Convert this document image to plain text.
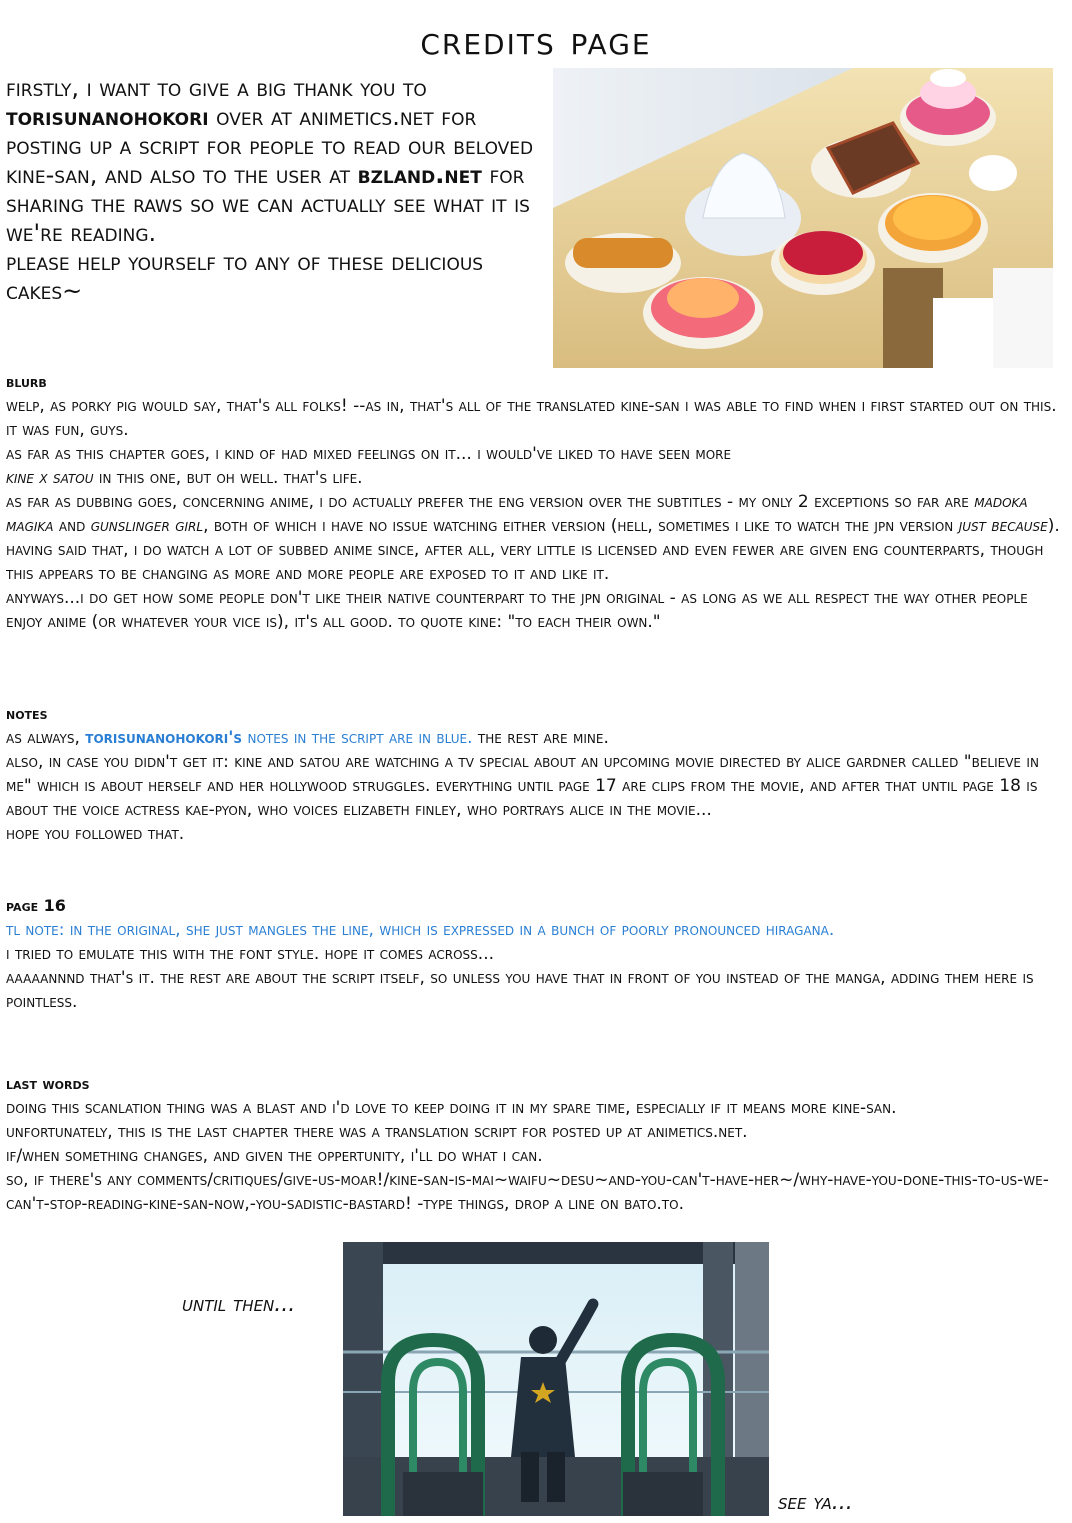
credits page
firstly, i want to give a big thank you to
torisunanohokori over at animetics.net for posting up a script for people to read our beloved kine-san, and also to the user at bzland.net for sharing the raws so we can actually see what it is we're reading.
please help yourself to any of these delicious cakes~

blurb

welp, as porky pig would say, that's all folks! --as in, that's all of the translated kine-san i was able to find when i first started out on this. it was fun, guys.

as far as this chapter goes, i kind of had mixed feelings on it... i would've liked to have seen more

kine x satou in this one, but oh well. that's life.

as far as dubbing goes, concerning anime, i do actually prefer the eng version over the subtitles - my only 2 exceptions so far are madoka magika and gunslinger girl, both of which i have no issue watching either version (hell, sometimes i like to watch the jpn version just because). having said that, i do watch a lot of subbed anime since, after all, very little is licensed and even fewer are given eng counterparts, though this appears to be changing as more and more people are exposed to it and like it.

anyways...i do get how some people don't like their native counterpart to the jpn original - as long as we all respect the way other people enjoy anime (or whatever your vice is), it's all good. to quote kine: "to each their own."

notes

as always, torisunanohokori's notes in the script are in blue. the rest are mine.

also, in case you didn't get it: kine and satou are watching a tv special about an upcoming movie directed by alice gardner called "believe in me" which is about herself and her hollywood struggles. everything until page 17 are clips from the movie, and after that until page 18 is about the voice actress kae-pyon, who voices elizabeth finley, who portrays alice in the movie...

hope you followed that.

page 16

tl note: in the original, she just mangles the line, which is expressed in a bunch of poorly pronounced hiragana.

i tried to emulate this with the font style. hope it comes across...

aaaaannnd that's it. the rest are about the script itself, so unless you have that in front of you instead of the manga, adding them here is pointless.

last words

doing this scanlation thing was a blast and i'd love to keep doing it in my spare time, especially if it means more kine-san.

unfortunately, this is the last chapter there was a translation script for posted up at animetics.net.

if/when something changes, and given the oppertunity, i'll do what i can.

so, if there's any comments/critiques/give-us-moar!/kine-san-is-mai~waifu~desu~and-you-can't-have-her~/why-have-you-done-this-to-us-we-can't-stop-reading-kine-san-now,-you-sadistic-bastard! -type things, drop a line on bato.to.

until then...
see ya...
